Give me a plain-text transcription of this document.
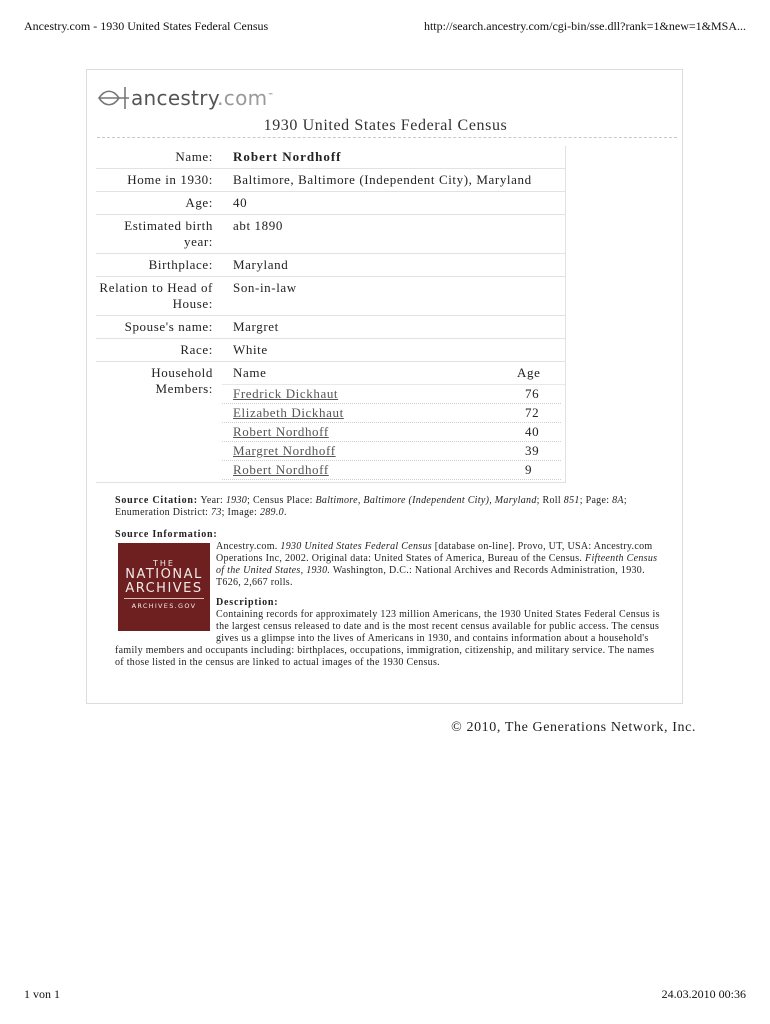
Ancestry.com - 1930 United States Federal Census	http://search.ancestry.com/cgi-bin/sse.dll?rank=1&new=1&MSA...
ancestry.com™
1930 United States Federal Census
Name:	Robert Nordhoff
Home in 1930:	Baltimore, Baltimore (Independent City), Maryland
Age:	40
Estimated birth year:
abt 1890
Birthplace:	Maryland
Relation to Head of House:
Son-in-law
Spouse's name:	Margret
Race:	White
Household Members:
Name	Age
Fredrick Dickhaut	76
Elizabeth Dickhaut	72
Robert Nordhoff	40
Margret Nordhoff	39
Robert Nordhoff	9
Source Citation: Year: 1930; Census Place: Baltimore, Baltimore (Independent City), Maryland; Roll 851; Page: 8A; Enumeration District: 73; Image: 289.0.
Source Information:
THE
NATIONAL
ARCHIVES
ARCHIVES.GOV
Ancestry.com. 1930 United States Federal Census [database on-line]. Provo, UT, USA: Ancestry.com Operations Inc, 2002. Original data: United States of America, Bureau of the Census. Fifteenth Census of the United States, 1930. Washington, D.C.: National Archives and Records Administration, 1930. T626, 2,667 rolls.
Description:
Containing records for approximately 123 million Americans, the 1930 United States Federal Census is the largest census released to date and is the most recent census available for public access. The census gives us a glimpse into the lives of Americans in 1930, and contains information about a household's family members and occupants including: birthplaces, occupations, immigration, citizenship, and military service. The names of those listed in the census are linked to actual images of the 1930 Census.
© 2010, The Generations Network, Inc.
1 von 1	24.03.2010 00:36
